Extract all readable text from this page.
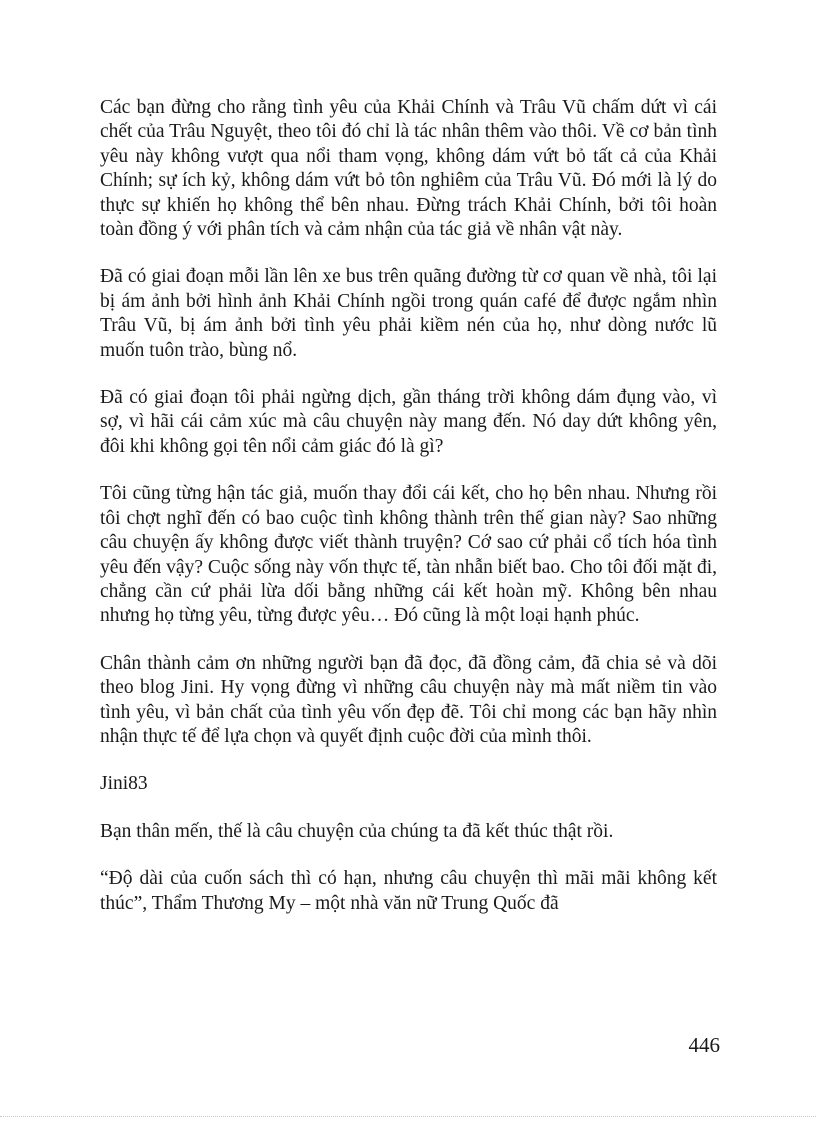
Các bạn đừng cho rằng tình yêu của Khải Chính và Trâu Vũ chấm dứt vì cái chết của Trâu Nguyệt, theo tôi đó chỉ là tác nhân thêm vào thôi. Về cơ bản tình yêu này không vượt qua nổi tham vọng, không dám vứt bỏ tất cả của Khải Chính; sự ích kỷ, không dám vứt bỏ tôn nghiêm của Trâu Vũ. Đó mới là lý do thực sự khiến họ không thể bên nhau. Đừng trách Khải Chính, bởi tôi hoàn toàn đồng ý với phân tích và cảm nhận của tác giả về nhân vật này.

Đã có giai đoạn mỗi lần lên xe bus trên quãng đường từ cơ quan về nhà, tôi lại bị ám ảnh bởi hình ảnh Khải Chính ngồi trong quán café để được ngắm nhìn Trâu Vũ, bị ám ảnh bởi tình yêu phải kiềm nén của họ, như dòng nước lũ muốn tuôn trào, bùng nổ.

Đã có giai đoạn tôi phải ngừng dịch, gần tháng trời không dám đụng vào, vì sợ, vì hãi cái cảm xúc mà câu chuyện này mang đến. Nó day dứt không yên, đôi khi không gọi tên nổi cảm giác đó là gì?

Tôi cũng từng hận tác giả, muốn thay đổi cái kết, cho họ bên nhau. Nhưng rồi tôi chợt nghĩ đến có bao cuộc tình không thành trên thế gian này? Sao những câu chuyện ấy không được viết thành truyện? Cớ sao cứ phải cổ tích hóa tình yêu đến vậy? Cuộc sống này vốn thực tế, tàn nhẫn biết bao. Cho tôi đối mặt đi, chẳng cần cứ phải lừa dối bằng những cái kết hoàn mỹ. Không bên nhau nhưng họ từng yêu, từng được yêu… Đó cũng là một loại hạnh phúc.

Chân thành cảm ơn những người bạn đã đọc, đã đồng cảm, đã chia sẻ và dõi theo blog Jini. Hy vọng đừng vì những câu chuyện này mà mất niềm tin vào tình yêu, vì bản chất của tình yêu vốn đẹp đẽ. Tôi chỉ mong các bạn hãy nhìn nhận thực tế để lựa chọn và quyết định cuộc đời của mình thôi.

Jini83

Bạn thân mến, thế là câu chuyện của chúng ta đã kết thúc thật rồi.

“Độ dài của cuốn sách thì có hạn, nhưng câu chuyện thì mãi mãi không kết thúc”, Thẩm Thương My – một nhà văn nữ Trung Quốc đã

446
